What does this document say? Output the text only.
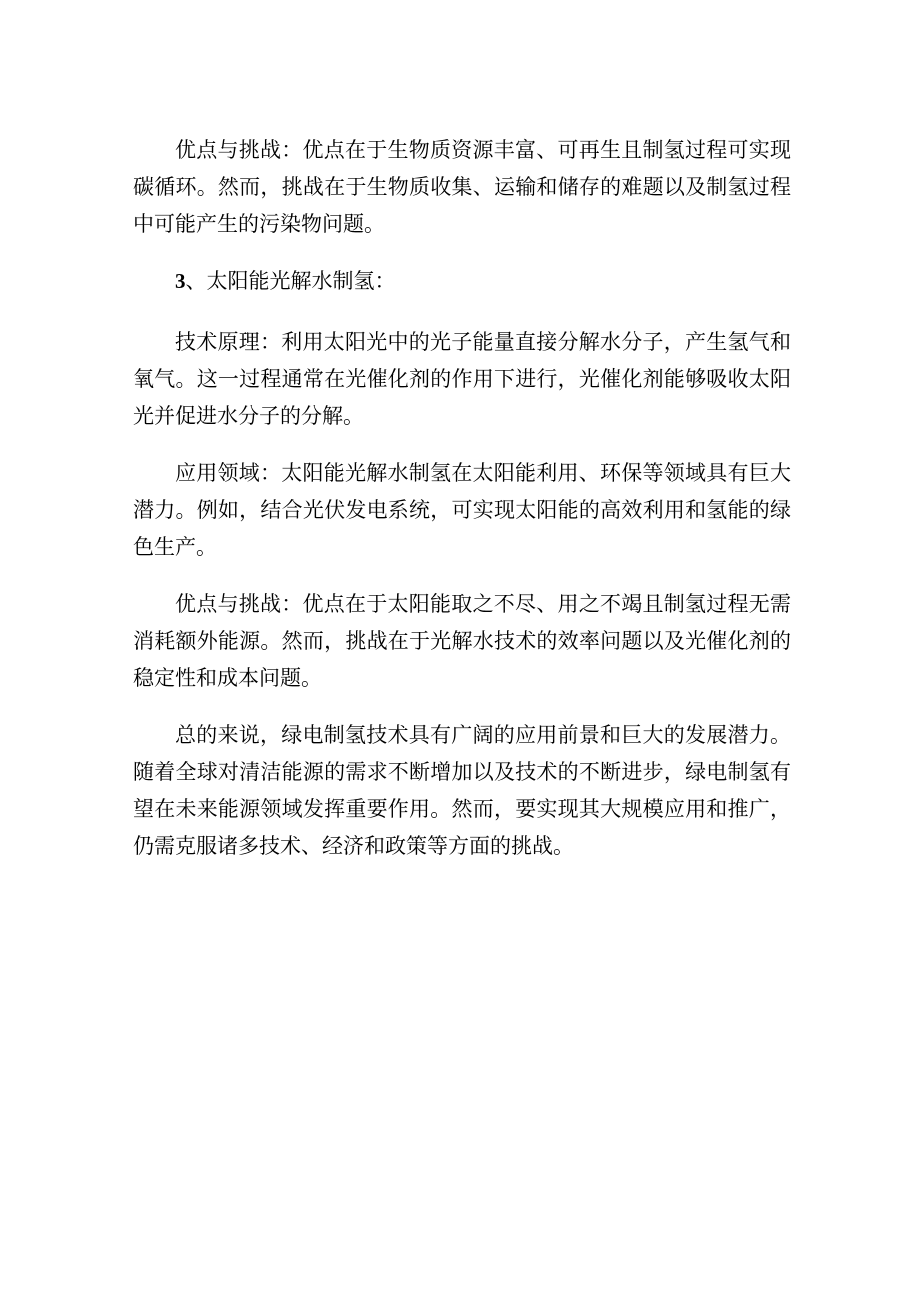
优点与挑战：优点在于生物质资源丰富、可再生且制氢过程可实现碳循环。然而，挑战在于生物质收集、运输和储存的难题以及制氢过程中可能产生的污染物问题。

3、太阳能光解水制氢：

技术原理：利用太阳光中的光子能量直接分解水分子，产生氢气和氧气。这一过程通常在光催化剂的作用下进行，光催化剂能够吸收太阳光并促进水分子的分解。

应用领域：太阳能光解水制氢在太阳能利用、环保等领域具有巨大潜力。例如，结合光伏发电系统，可实现太阳能的高效利用和氢能的绿色生产。

优点与挑战：优点在于太阳能取之不尽、用之不竭且制氢过程无需消耗额外能源。然而，挑战在于光解水技术的效率问题以及光催化剂的稳定性和成本问题。

总的来说，绿电制氢技术具有广阔的应用前景和巨大的发展潜力。随着全球对清洁能源的需求不断增加以及技术的不断进步，绿电制氢有望在未来能源领域发挥重要作用。然而，要实现其大规模应用和推广，仍需克服诸多技术、经济和政策等方面的挑战。
